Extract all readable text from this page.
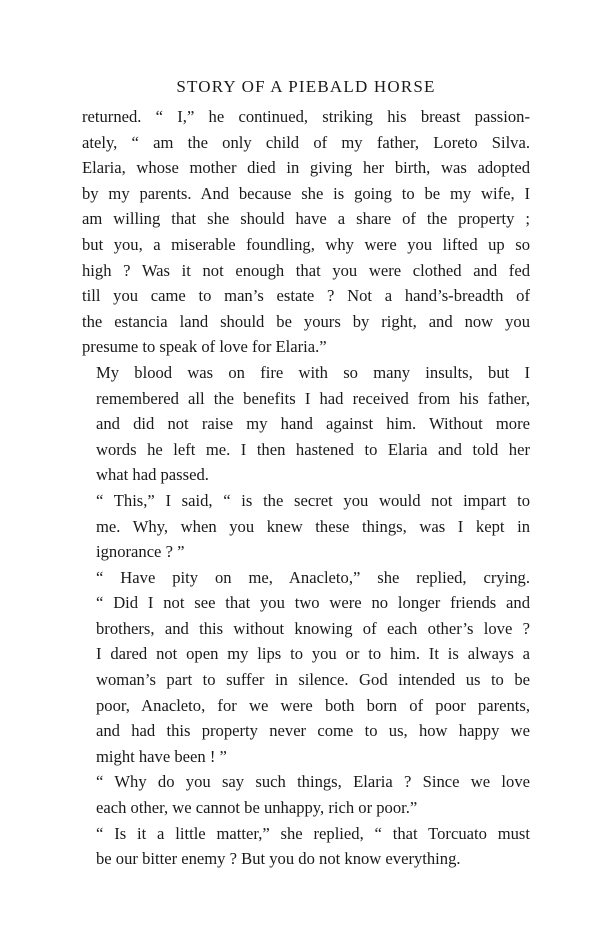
STORY OF A PIEBALD HORSE

returned. “ I,” he continued, striking his breast passion-
ately, “ am the only child of my father, Loreto Silva.
Elaria, whose mother died in giving her birth, was adopted
by my parents. And because she is going to be my wife, I
am willing that she should have a share of the property ;
but you, a miserable foundling, why were you lifted up so
high ? Was it not enough that you were clothed and fed
till you came to man’s estate ? Not a hand’s-breadth of
the estancia land should be yours by right, and now you
presume to speak of love for Elaria.”

My blood was on fire with so many insults, but I
remembered all the benefits I had received from his father,
and did not raise my hand against him. Without more
words he left me. I then hastened to Elaria and told her
what had passed.

“ This,” I said, “ is the secret you would not impart to
me. Why, when you knew these things, was I kept in
ignorance ? ”

“ Have pity on me, Anacleto,” she replied, crying.
“ Did I not see that you two were no longer friends and
brothers, and this without knowing of each other’s love ?
I dared not open my lips to you or to him. It is always a
woman’s part to suffer in silence. God intended us to be
poor, Anacleto, for we were both born of poor parents,
and had this property never come to us, how happy we
might have been ! ”

“ Why do you say such things, Elaria ? Since we love
each other, we cannot be unhappy, rich or poor.”

“ Is it a little matter,” she replied, “ that Torcuato must
be our bitter enemy ? But you do not know everything.
